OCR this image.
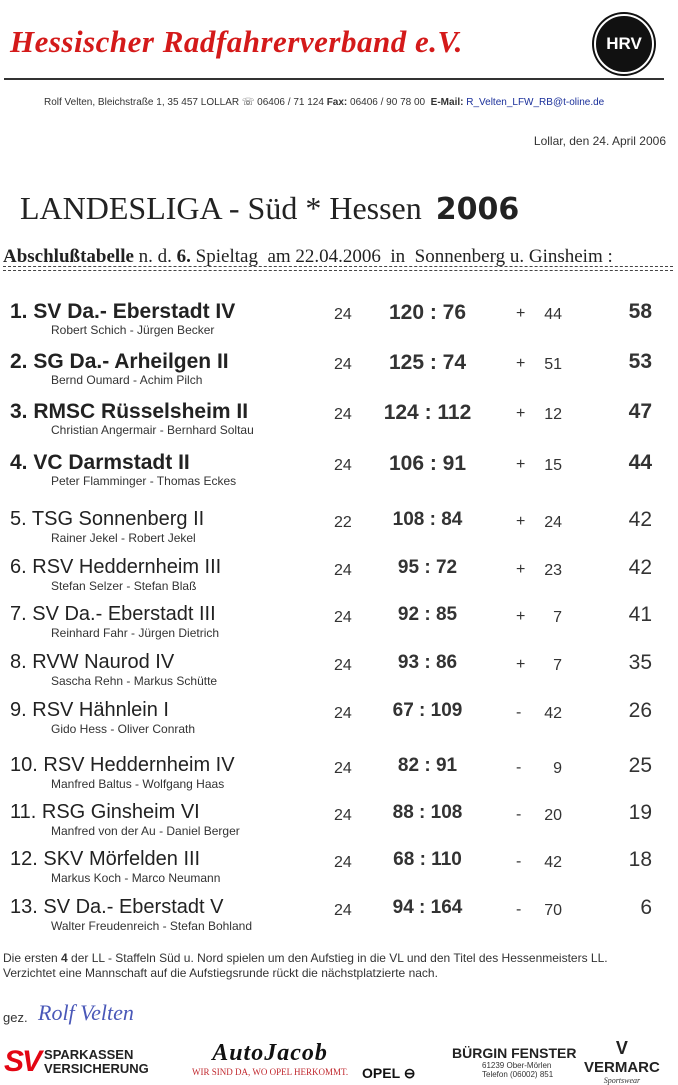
Hessischer Radfahrerverband e.V.	HRV
Rolf Velten, Bleichstraße 1, 35 457 LOLLAR ☏ 06406 / 71 124 Fax: 06406 / 90 78 00 E-Mail: R_Velten_LFW_RB@t-oline.de
Lollar, den 24. April 2006
LANDESLIGA - Süd * Hessen 2006
Abschlußtabelle n. d. 6. Spieltag  am 22.04.2006  in  Sonnenberg u. Ginsheim :
1. SV Da.- Eberstadt IV
Robert Schich - Jürgen Becker
24	120 : 76	+ 44	58
2. SG Da.- Arheilgen II
Bernd Oumard - Achim Pilch
24	125 : 74	+ 51	53
3. RMSC Rüsselsheim II
Christian Angermair - Bernhard Soltau
24	124 : 112	+ 12	47
4. VC Darmstadt II
Peter Flamminger - Thomas Eckes
24	106 : 91	+ 15	44
5. TSG Sonnenberg II
Rainer Jekel - Robert Jekel
22	108 : 84	+ 24	42
6. RSV Heddernheim III
Stefan Selzer - Stefan Blaß
24	95 : 72	+ 23	42
7. SV Da.- Eberstadt III
Reinhard Fahr - Jürgen Dietrich
24	92 : 85	+ 7	41
8. RVW Naurod IV
Sascha Rehn - Markus Schütte
24	93 : 86	+ 7	35
9. RSV Hähnlein I
Gido Hess - Oliver Conrath
24	67 : 109	- 42	26
10. RSV Heddernheim IV
Manfred Baltus - Wolfgang Haas
24	82 : 91	- 9	25
11. RSG Ginsheim VI
Manfred von der Au - Daniel Berger
24	88 : 108	- 20	19
12. SKV Mörfelden III
Markus Koch - Marco Neumann
24	68 : 110	- 42	18
13. SV Da.- Eberstadt V
Walter Freudenreich - Stefan Bohland
24	94 : 164	- 70	6
Die ersten 4 der LL - Staffeln Süd u. Nord spielen um den Aufstieg in die VL und den Titel des Hessenmeisters LL.
Verzichtet eine Mannschaft auf die Aufstiegsrunde rückt die nächstplatzierte nach.
gez. Rolf Velten
SV SPARKASSEN
VERSICHERUNG
AutoJacob
WIR SIND DA, WO OPEL HERKOMMT. OPEL ⊖
BÜRGIN FENSTER
61239 Ober-Mörlen
Telefon (06002) 851
V
VERMARC
Sportswear
